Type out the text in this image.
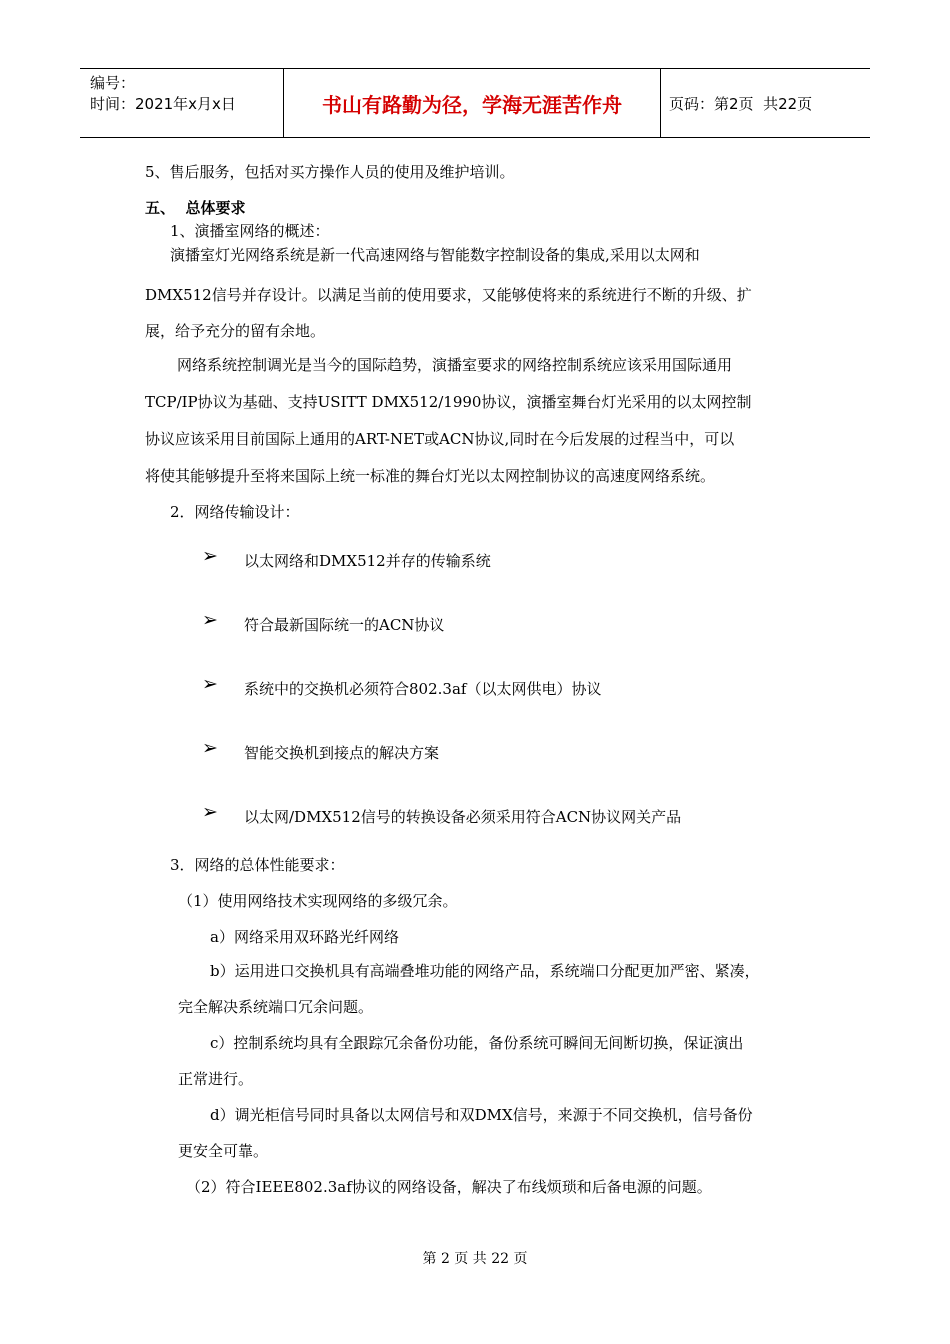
编号：
时间：2021年x月x日	书山有路勤为径，学海无涯苦作舟	页码：第2页  共22页
5、售后服务，包括对买方操作人员的使用及维护培训。
五、  总体要求
1、演播室网络的概述：
演播室灯光网络系统是新一代高速网络与智能数字控制设备的集成,采用以太网和
DMX512信号并存设计。以满足当前的使用要求，又能够使将来的系统进行不断的升级、扩
展，给予充分的留有余地。
网络系统控制调光是当今的国际趋势，演播室要求的网络控制系统应该采用国际通用
TCP/IP协议为基础、支持USITT DMX512/1990协议，演播室舞台灯光采用的以太网控制
协议应该采用目前国际上通用的ART-NET或ACN协议,同时在今后发展的过程当中，可以
将使其能够提升至将来国际上统一标准的舞台灯光以太网控制协议的高速度网络系统。
2．网络传输设计：
➢ 以太网络和DMX512并存的传输系统
➢ 符合最新国际统一的ACN协议
➢ 系统中的交换机必须符合802.3af（以太网供电）协议
➢ 智能交换机到接点的解决方案
➢ 以太网/DMX512信号的转换设备必须采用符合ACN协议网关产品
3．网络的总体性能要求：
（1）使用网络技术实现网络的多级冗余。
a）网络采用双环路光纤网络
b）运用进口交换机具有高端叠堆功能的网络产品，系统端口分配更加严密、紧凑，
完全解决系统端口冗余问题。
c）控制系统均具有全跟踪冗余备份功能，备份系统可瞬间无间断切换，保证演出
正常进行。
d）调光柜信号同时具备以太网信号和双DMX信号，来源于不同交换机，信号备份
更安全可靠。
（2）符合IEEE802.3af协议的网络设备，解决了布线烦琐和后备电源的问题。
第 2 页 共 22 页
